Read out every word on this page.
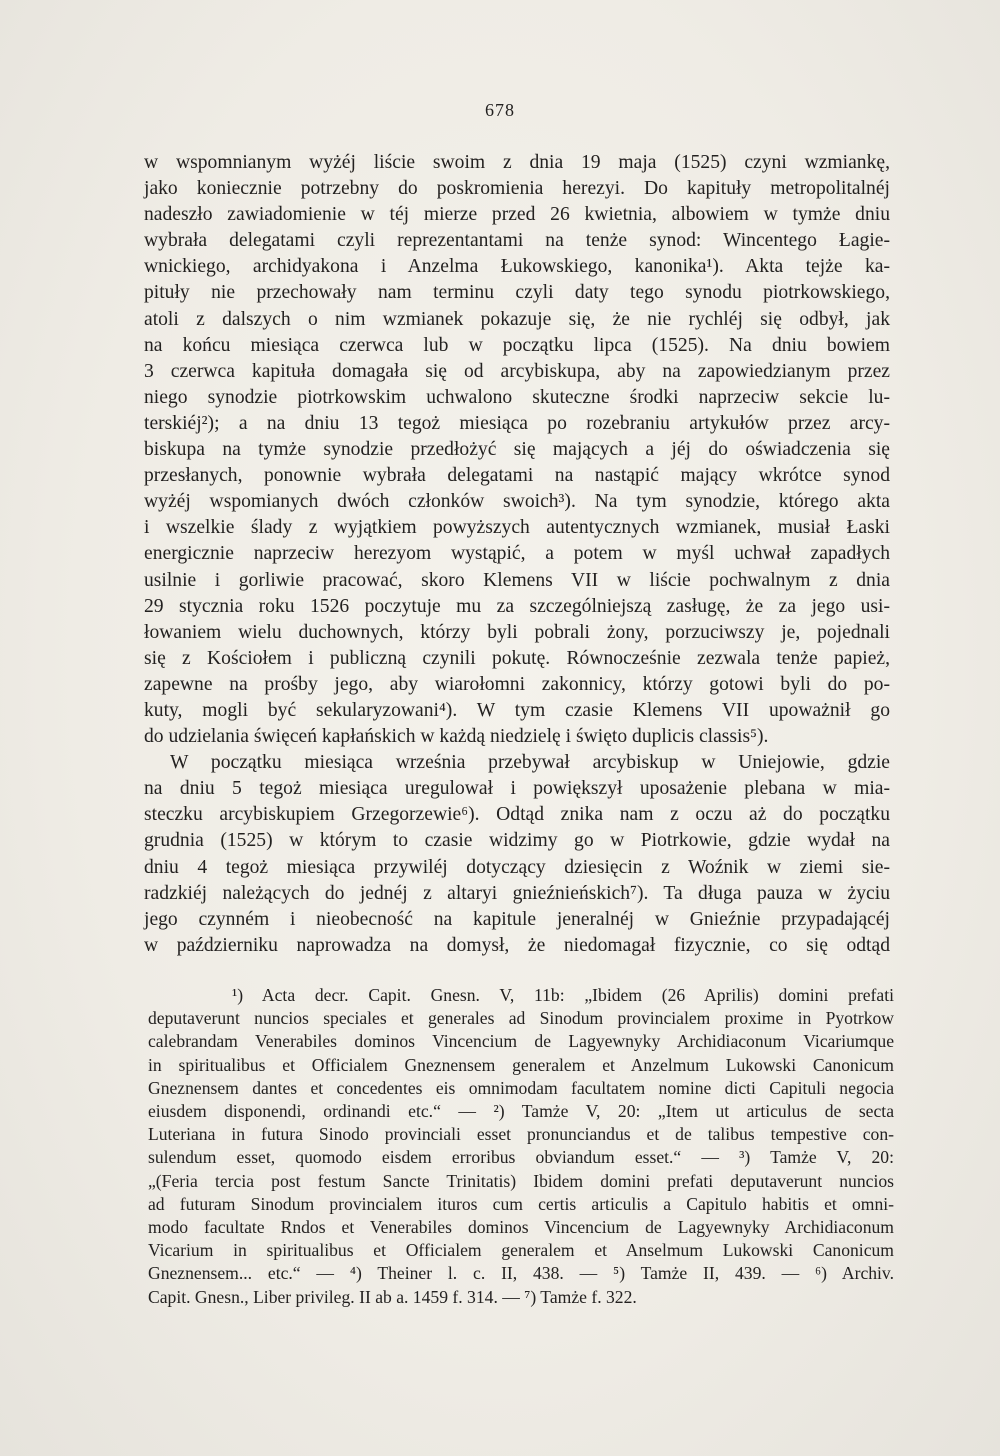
678
w wspomnianym wyżéj liście swoim z dnia 19 maja (1525) czyni wzmiankę,
jako koniecznie potrzebny do poskromienia herezyi. Do kapituły metropolitalnéj
nadeszło zawiadomienie w téj mierze przed 26 kwietnia, albowiem w tymże dniu
wybrała delegatami czyli reprezentantami na tenże synod: Wincentego Łagie-
wnickiego, archidyakona i Anzelma Łukowskiego, kanonika¹). Akta tejże ka-
pituły nie przechowały nam terminu czyli daty tego synodu piotrkowskiego,
atoli z dalszych o nim wzmianek pokazuje się, że nie rychléj się odbył, jak
na końcu miesiąca czerwca lub w początku lipca (1525). Na dniu bowiem
3 czerwca kapituła domagała się od arcybiskupa, aby na zapowiedzianym przez
niego synodzie piotrkowskim uchwalono skuteczne środki naprzeciw sekcie lu-
terskiéj²); a na dniu 13 tegoż miesiąca po rozebraniu artykułów przez arcy-
biskupa na tymże synodzie przedłożyć się mających a jéj do oświadczenia się
przesłanych, ponownie wybrała delegatami na nastąpić mający wkrótce synod
wyżéj wspomianych dwóch członków swoich³). Na tym synodzie, którego akta
i wszelkie ślady z wyjątkiem powyższych autentycznych wzmianek, musiał Łaski
energicznie naprzeciw herezyom wystąpić, a potem w myśl uchwał zapadłych
usilnie i gorliwie pracować, skoro Klemens VII w liście pochwalnym z dnia
29 stycznia roku 1526 poczytuje mu za szczególniejszą zasługę, że za jego usi-
łowaniem wielu duchownych, którzy byli pobrali żony, porzuciwszy je, pojednali
się z Kościołem i publiczną czynili pokutę. Równocześnie zezwala tenże papież,
zapewne na prośby jego, aby wiarołomni zakonnicy, którzy gotowi byli do po-
kuty, mogli być sekularyzowani⁴). W tym czasie Klemens VII upoważnił go
do udzielania święceń kapłańskich w każdą niedzielę i święto duplicis classis⁵).
W początku miesiąca września przebywał arcybiskup w Uniejowie, gdzie
na dniu 5 tegoż miesiąca uregulował i powiększył uposażenie plebana w mia-
steczku arcybiskupiem Grzegorzewie⁶). Odtąd znika nam z oczu aż do początku
grudnia (1525) w którym to czasie widzimy go w Piotrkowie, gdzie wydał na
dniu 4 tegoż miesiąca przywiléj dotyczący dziesięcin z Woźnik w ziemi sie-
radzkiéj należących do jednéj z altaryi gnieźnieńskich⁷). Ta długa pauza w życiu
jego czynném i nieobecność na kapitule jeneralnéj w Gnieźnie przypadającéj
w październiku naprowadza na domysł, że niedomagał fizycznie, co się odtąd
¹) Acta decr. Capit. Gnesn. V, 11b: „Ibidem (26 Aprilis) domini prefati
deputaverunt nuncios speciales et generales ad Sinodum provincialem proxime in Pyotrkow
calebrandam Venerabiles dominos Vincencium de Lagyewnyky Archidiaconum Vicariumque
in spiritualibus et Officialem Gneznensem generalem et Anzelmum Lukowski Canonicum
Gneznensem dantes et concedentes eis omnimodam facultatem nomine dicti Capituli negocia
eiusdem disponendi, ordinandi etc.“ — ²) Tamże V, 20: „Item ut articulus de secta
Luteriana in futura Sinodo provinciali esset pronunciandus et de talibus tempestive con-
sulendum esset, quomodo eisdem erroribus obviandum esset.“ — ³) Tamże V, 20:
„(Feria tercia post festum Sancte Trinitatis) Ibidem domini prefati deputaverunt nuncios
ad futuram Sinodum provincialem ituros cum certis articulis a Capitulo habitis et omni-
modo facultate Rndos et Venerabiles dominos Vincencium de Lagyewnyky Archidiaconum
Vicarium in spiritualibus et Officialem generalem et Anselmum Lukowski Canonicum
Gneznensem... etc.“ — ⁴) Theiner l. c. II, 438. — ⁵) Tamże II, 439. — ⁶) Archiv.
Capit. Gnesn., Liber privileg. II ab a. 1459 f. 314. — ⁷) Tamże f. 322.
